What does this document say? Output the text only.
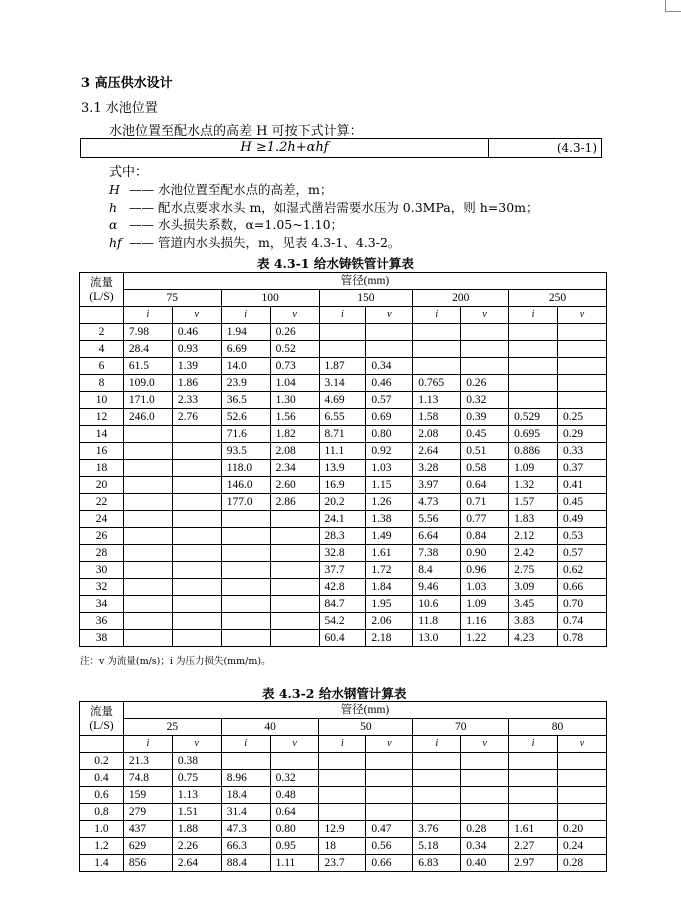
3 高压供水设计
3.1 水池位置
水池位置至配水点的高差 H 可按下式计算：
H ≥1.2h+αhf	(4.3-1)
式中：
H —— 水池位置至配水点的高差，m；
h —— 配水点要求水头 m，如湿式凿岩需要水压为 0.3MPa，则 h=30m；
α —— 水头损失系数，α=1.05~1.10；
hf —— 管道内水头损失，m，见表 4.3-1、4.3-2。
表 4.3-1 给水铸铁管计算表
流量
(L/S)	管径(mm)									
	75		100		150		200		250	
	i	v	i	v	i	v	i	v	i	v
2	7.98	0.46	1.94	0.26						
4	28.4	0.93	6.69	0.52						
6	61.5	1.39	14.0	0.73	1.87	0.34				
8	109.0	1.86	23.9	1.04	3.14	0.46	0.765	0.26		
10	171.0	2.33	36.5	1.30	4.69	0.57	1.13	0.32		
12	246.0	2.76	52.6	1.56	6.55	0.69	1.58	0.39	0.529	0.25
14			71.6	1.82	8.71	0.80	2.08	0.45	0.695	0.29
16			93.5	2.08	11.1	0.92	2.64	0.51	0.886	0.33
18			118.0	2.34	13.9	1.03	3.28	0.58	1.09	0.37
20			146.0	2.60	16.9	1.15	3.97	0.64	1.32	0.41
22			177.0	2.86	20.2	1.26	4.73	0.71	1.57	0.45
24					24.1	1.38	5.56	0.77	1.83	0.49
26					28.3	1.49	6.64	0.84	2.12	0.53
28					32.8	1.61	7.38	0.90	2.42	0.57
30					37.7	1.72	8.4	0.96	2.75	0.62
32					42.8	1.84	9.46	1.03	3.09	0.66
34					84.7	1.95	10.6	1.09	3.45	0.70
36					54.2	2.06	11.8	1.16	3.83	0.74
38					60.4	2.18	13.0	1.22	4.23	0.78
注：v 为流量(m/s)；i 为压力损失(mm/m)。
表 4.3-2 给水钢管计算表
流量
(L/S)	管径(mm)									
	25		40		50		70		80	
	i	v	i	v	i	v	i	v	i	v
0.2	21.3	0.38								
0.4	74.8	0.75	8.96	0.32						
0.6	159	1.13	18.4	0.48						
0.8	279	1.51	31.4	0.64						
1.0	437	1.88	47.3	0.80	12.9	0.47	3.76	0.28	1.61	0.20
1.2	629	2.26	66.3	0.95	18	0.56	5.18	0.34	2.27	0.24
1.4	856	2.64	88.4	1.11	23.7	0.66	6.83	0.40	2.97	0.28
